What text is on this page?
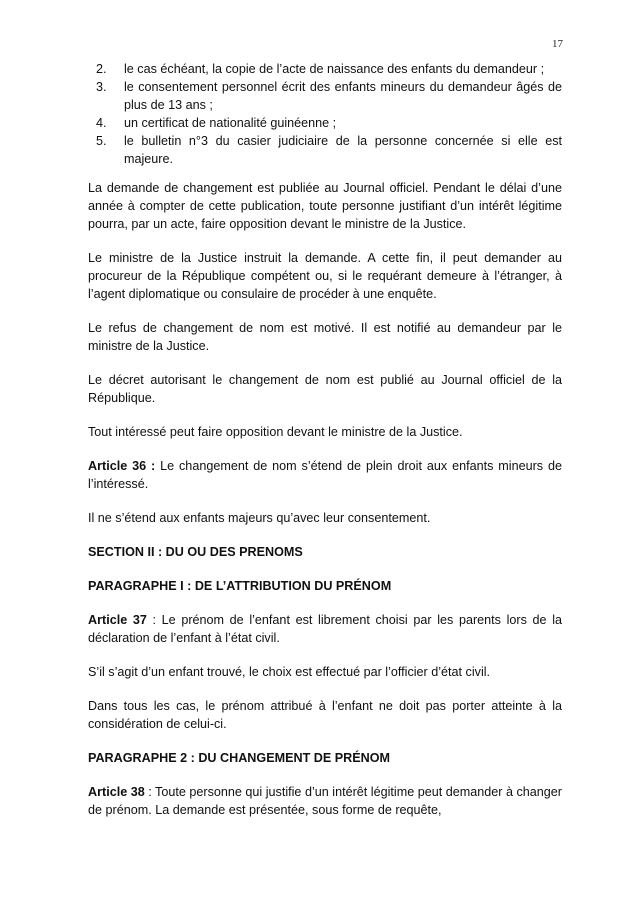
17
2. le cas échéant, la copie de l’acte de naissance des enfants du demandeur ;
3. le consentement personnel écrit des enfants mineurs du demandeur âgés de plus de 13 ans ;
4. un certificat de nationalité guinéenne ;
5. le bulletin n°3 du casier judiciaire de la personne concernée si elle est majeure.

La demande de changement est publiée au Journal officiel. Pendant le délai d’une année à compter de cette publication, toute personne justifiant d’un intérêt légitime pourra, par un acte, faire opposition devant le ministre de la Justice.

Le ministre de la Justice instruit la demande. A cette fin, il peut demander au procureur de la République compétent ou, si le requérant demeure à l’étranger, à l’agent diplomatique ou consulaire de procéder à une enquête.

Le refus de changement de nom est motivé. Il est notifié au demandeur par le ministre de la Justice.

Le décret autorisant le changement de nom est publié au Journal officiel de la République.

Tout intéressé peut faire opposition devant le ministre de la Justice.

Article 36 : Le changement de nom s’étend de plein droit aux enfants mineurs de l’intéressé.

Il ne s’étend aux enfants majeurs qu’avec leur consentement.

SECTION II : DU OU DES PRENOMS
PARAGRAPHE I : DE L’ATTRIBUTION DU PRÉNOM

Article 37 : Le prénom de l’enfant est librement choisi par les parents lors de la déclaration de l’enfant à l’état civil.

S’il s’agit d’un enfant trouvé, le choix est effectué par l’officier d’état civil.

Dans tous les cas, le prénom attribué à l’enfant ne doit pas porter atteinte à la considération de celui-ci.

PARAGRAPHE 2 : DU CHANGEMENT DE PRÉNOM

Article 38 : Toute personne qui justifie d’un intérêt légitime peut demander à changer de prénom. La demande est présentée, sous forme de requête,
